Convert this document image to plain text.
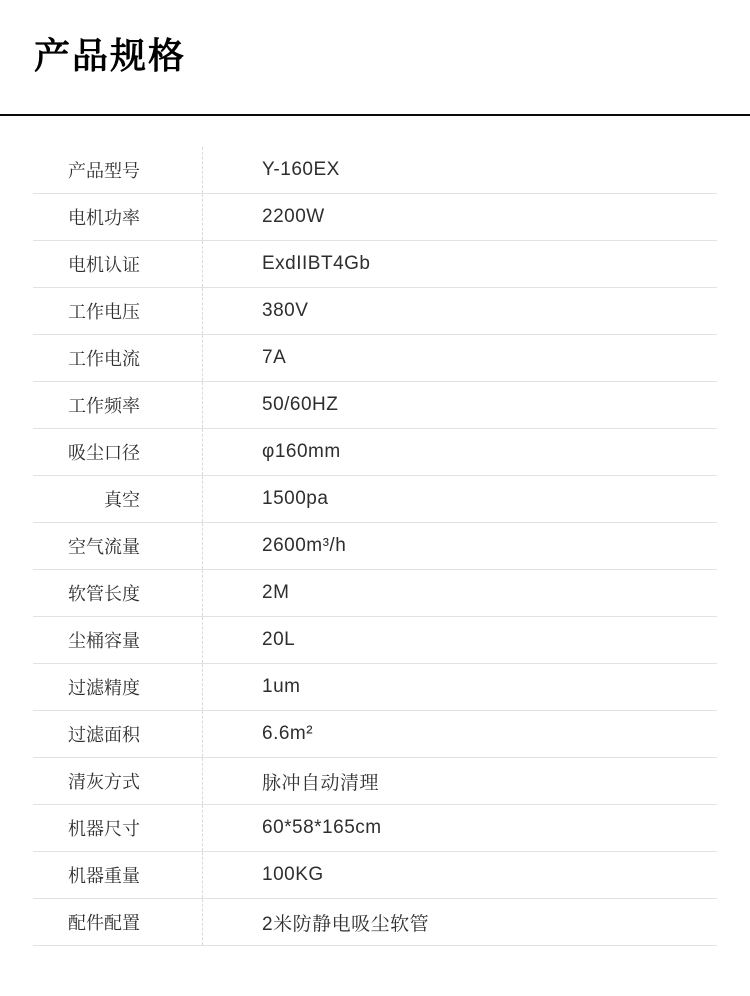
产品规格
产品型号	Y-160EX
电机功率	2200W
电机认证	ExdIIBT4Gb
工作电压	380V
工作电流	7A
工作频率	50/60HZ
吸尘口径	φ160mm
真空	1500pa
空气流量	2600m³/h
软管长度	2M
尘桶容量	20L
过滤精度	1um
过滤面积	6.6m²
清灰方式	脉冲自动清理
机器尺寸	60*58*165cm
机器重量	100KG
配件配置	2米防静电吸尘软管
